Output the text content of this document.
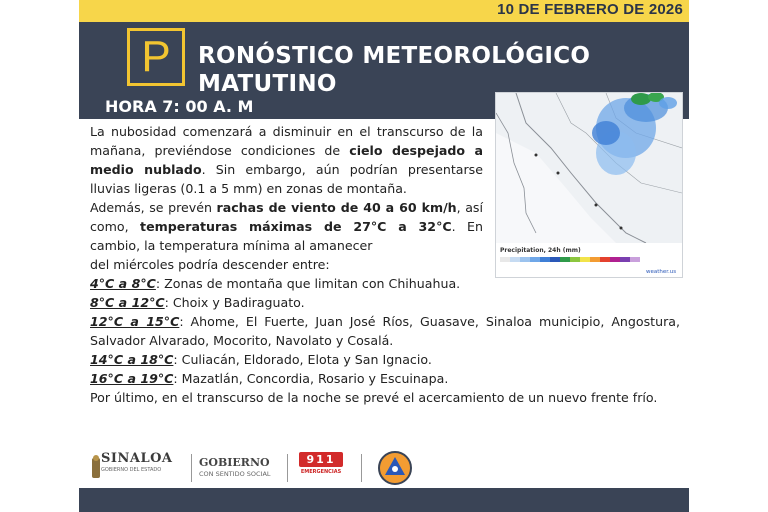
10 DE FEBRERO DE 2026
P	RONÓSTICO METEOROLÓGICO
MATUTINO
HORA 7: 00 A. M
Precipitation, 24h (mm)
weather.us

La nubosidad comenzará a disminuir en el transcurso de la mañana, previéndose condiciones de cielo despejado a medio nublado. Sin embargo, aún podrían presentarse lluvias ligeras (0.1 a 5 mm) en zonas de montaña.

Además, se prevén rachas de viento de 40 a 60 km/h, así como, temperaturas máximas de 27°C a 32°C. En cambio, la temperatura mínima al amanecer

del miércoles podría descender entre:

4°C a 8°C: Zonas de montaña que limitan con Chihuahua.

8°C a 12°C: Choix y Badiraguato.

12°C a 15°C: Ahome, El Fuerte, Juan José Ríos, Guasave, Sinaloa municipio, Angostura, Salvador Alvarado, Mocorito, Navolato y Cosalá.

14°C a 18°C: Culiacán, Eldorado, Elota y San Ignacio.

16°C a 19°C: Mazatlán, Concordia, Rosario y Escuinapa.

Por último, en el transcurso de la noche se prevé el acercamiento de un nuevo frente frío.

SINALOA
GOBIERNO DEL ESTADO
GOBIERNO
CON SENTIDO SOCIAL
911
EMERGENCIAS
